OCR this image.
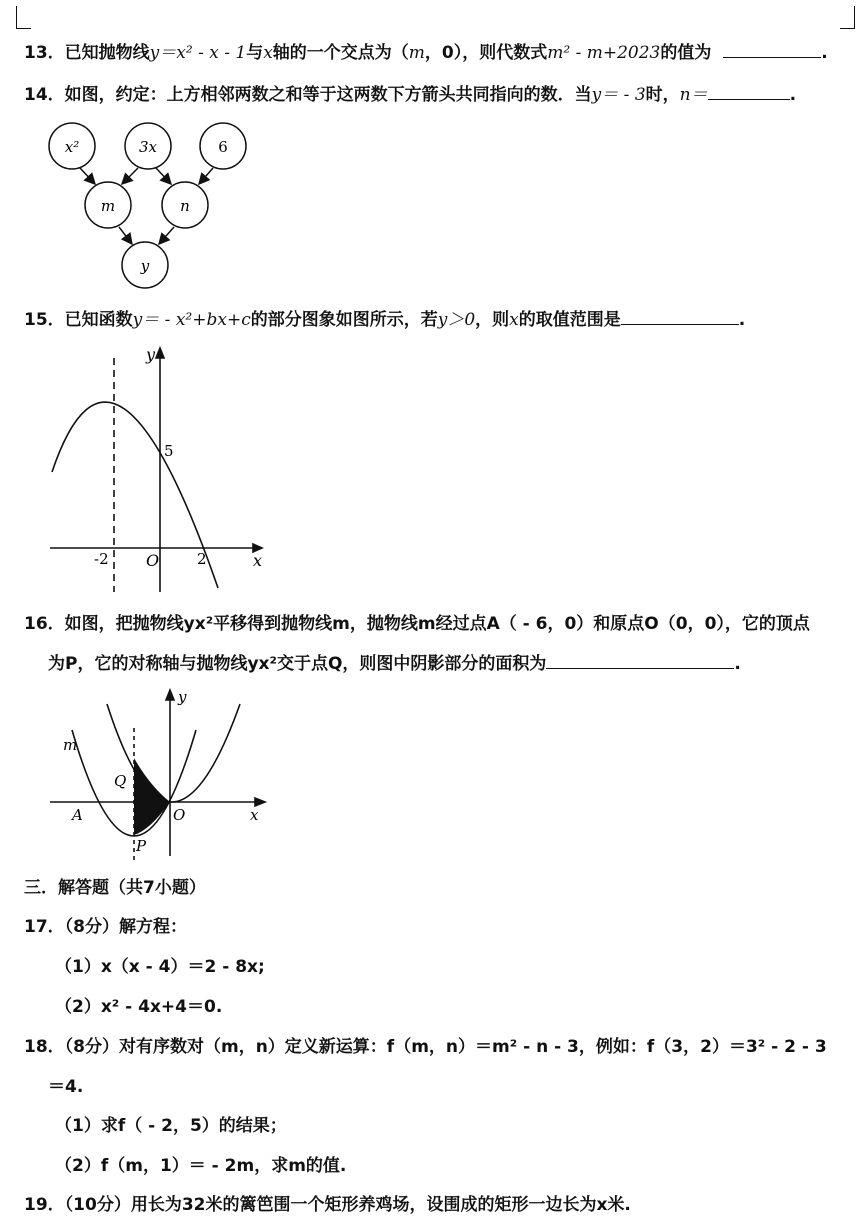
13．已知抛物线y＝x² - x - 1与x轴的一个交点为（m，0），则代数式m² - m+2023的值为	.
14．如图，约定：上方相邻两数之和等于这两数下方箭头共同指向的数．当y＝ - 3时，n＝	.
x²	3x	6
m	n
y
15．已知函数y＝ - x²+bx+c的部分图象如图所示，若y＞0，则x的取值范围是	.
y
x
5
-2 O	2
16．如图，把抛物线yx²平移得到抛物线m，抛物线m经过点A（ - 6，0）和原点O（0，0），它的顶点
为P，它的对称轴与抛物线yx²交于点Q，则图中阴影部分的面积为	.
m
y
Q
A	O	x
P
三．解答题（共7小题）
17．（8分）解方程：
（1）x（x - 4）＝2 - 8x;
（2）x² - 4x+4＝0.
18．（8分）对有序数对（m，n）定义新运算：f（m，n）＝m² - n - 3，例如：f（3，2）＝3² - 2 - 3
＝4.
（1）求f（ - 2，5）的结果；
（2）f（m，1）＝ - 2m，求m的值.
19．（10分）用长为32米的篱笆围一个矩形养鸡场，设围成的矩形一边长为x米.
